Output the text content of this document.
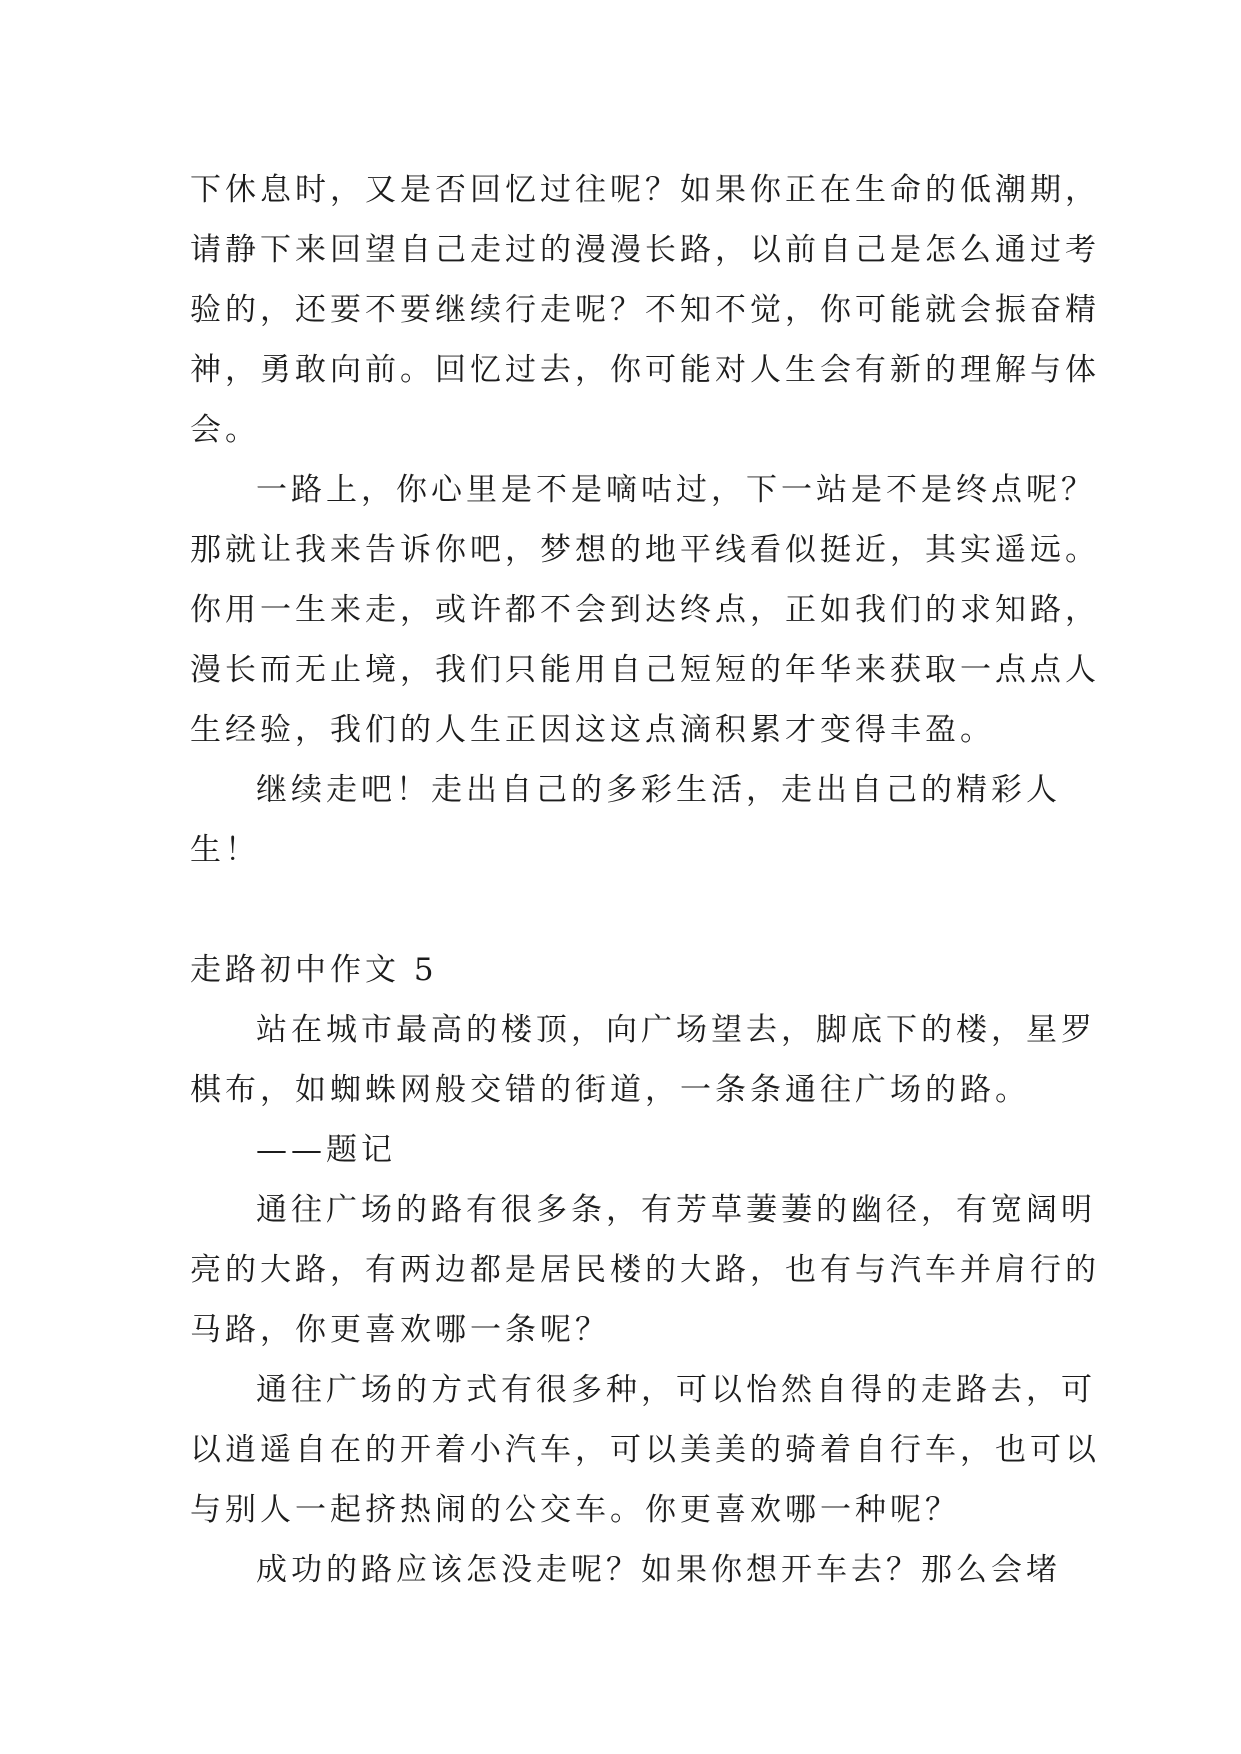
下休息时，又是否回忆过往呢？如果你正在生命的低潮期，
请静下来回望自己走过的漫漫长路，以前自己是怎么通过考
验的，还要不要继续行走呢？不知不觉，你可能就会振奋精
神，勇敢向前。回忆过去，你可能对人生会有新的理解与体
会。
一路上，你心里是不是嘀咕过，下一站是不是终点呢？
那就让我来告诉你吧，梦想的地平线看似挺近，其实遥远。
你用一生来走，或许都不会到达终点，正如我们的求知路，
漫长而无止境，我们只能用自己短短的年华来获取一点点人
生经验，我们的人生正因这这点滴积累才变得丰盈。
继续走吧！走出自己的多彩生活，走出自己的精彩人
生！
走路初中作文 5
站在城市最高的楼顶，向广场望去，脚底下的楼，星罗
棋布，如蜘蛛网般交错的街道，一条条通往广场的路。
——题记
通往广场的路有很多条，有芳草萋萋的幽径，有宽阔明
亮的大路，有两边都是居民楼的大路，也有与汽车并肩行的
马路，你更喜欢哪一条呢？
通往广场的方式有很多种，可以怡然自得的走路去，可
以逍遥自在的开着小汽车，可以美美的骑着自行车，也可以
与别人一起挤热闹的公交车。你更喜欢哪一种呢？
成功的路应该怎没走呢？如果你想开车去？那么会堵
